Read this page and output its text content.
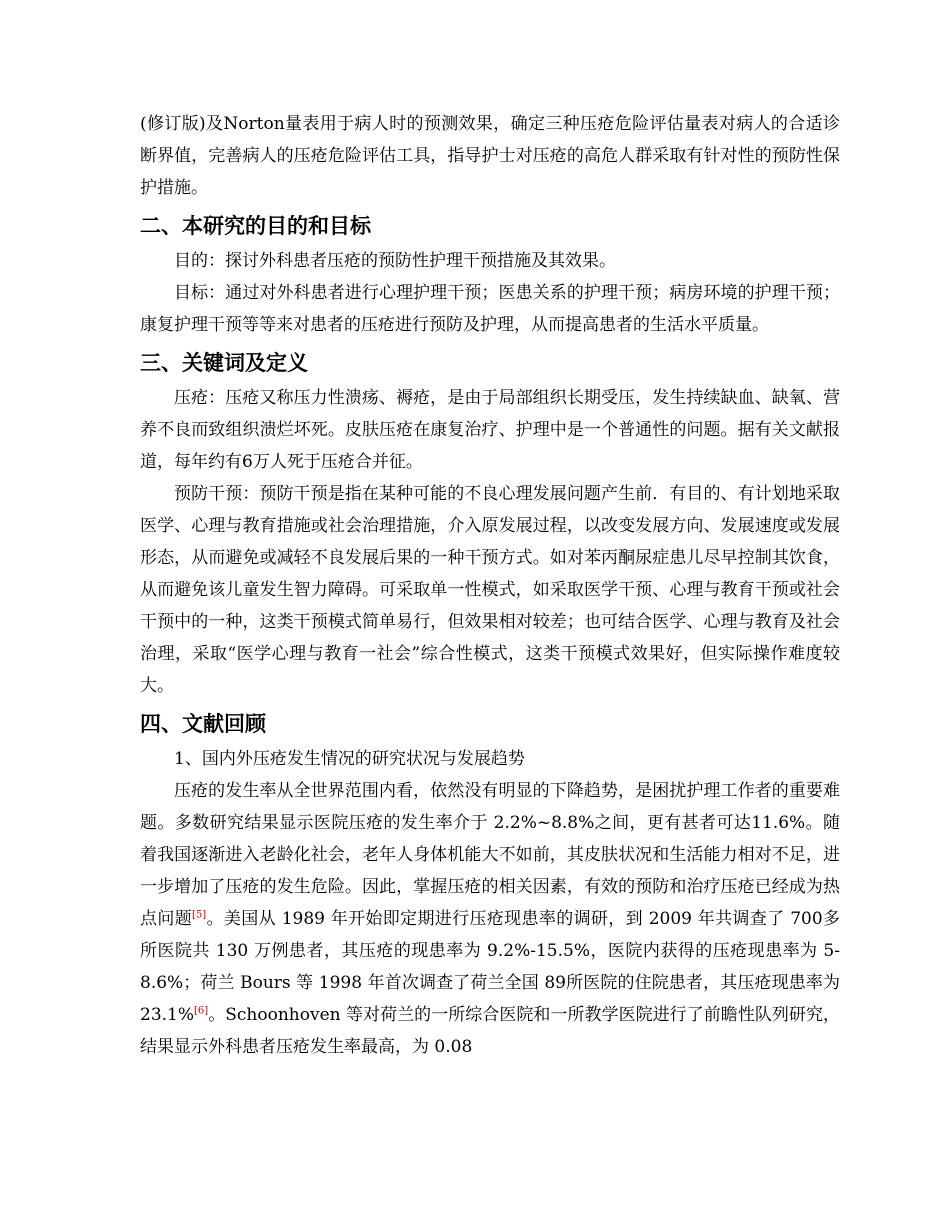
(修订版)及Norton量表用于病人时的预测效果，确定三种压疮危险评估量表对病人的合适诊断界值，完善病人的压疮危险评估工具，指导护士对压疮的高危人群采取有针对性的预防性保护措施。

二、本研究的目的和目标

目的：探讨外科患者压疮的预防性护理干预措施及其效果。

目标：通过对外科患者进行心理护理干预；医患关系的护理干预；病房环境的护理干预；康复护理干预等等来对患者的压疮进行预防及护理，从而提高患者的生活水平质量。

三、关键词及定义

压疮：压疮又称压力性溃疡、褥疮，是由于局部组织长期受压，发生持续缺血、缺氧、营养不良而致组织溃烂坏死。皮肤压疮在康复治疗、护理中是一个普通性的问题。据有关文献报道，每年约有6万人死于压疮合并征。

预防干预：预防干预是指在某种可能的不良心理发展问题产生前．有目的、有计划地采取医学、心理与教育措施或社会治理措施，介入原发展过程，以改变发展方向、发展速度或发展形态，从而避免或减轻不良发展后果的一种干预方式。如对苯丙酮尿症患儿尽早控制其饮食，从而避免该儿童发生智力障碍。可采取单一性模式，如采取医学干预、心理与教育干预或社会干预中的一种，这类干预模式简单易行，但效果相对较差；也可结合医学、心理与教育及社会治理，采取“医学心理与教育一社会”综合性模式，这类干预模式效果好，但实际操作难度较大。

四、文献回顾

1、国内外压疮发生情况的研究状况与发展趋势

压疮的发生率从全世界范围内看，依然没有明显的下降趋势，是困扰护理工作者的重要难题。多数研究结果显示医院压疮的发生率介于 2.2%~8.8%之间，更有甚者可达11.6%。随着我国逐渐进入老龄化社会，老年人身体机能大不如前，其皮肤状况和生活能力相对不足，进一步增加了压疮的发生危险。因此，掌握压疮的相关因素，有效的预防和治疗压疮已经成为热点问题[5]。美国从 1989 年开始即定期进行压疮现患率的调研，到 2009 年共调查了 700多所医院共 130 万例患者，其压疮的现患率为 9.2%-15.5%，医院内获得的压疮现患率为 5-8.6%；荷兰 Bours 等 1998 年首次调查了荷兰全国 89所医院的住院患者，其压疮现患率为 23.1%[6]。Schoonhoven 等对荷兰的一所综合医院和一所教学医院进行了前瞻性队列研究，结果显示外科患者压疮发生率最高，为 0.08
